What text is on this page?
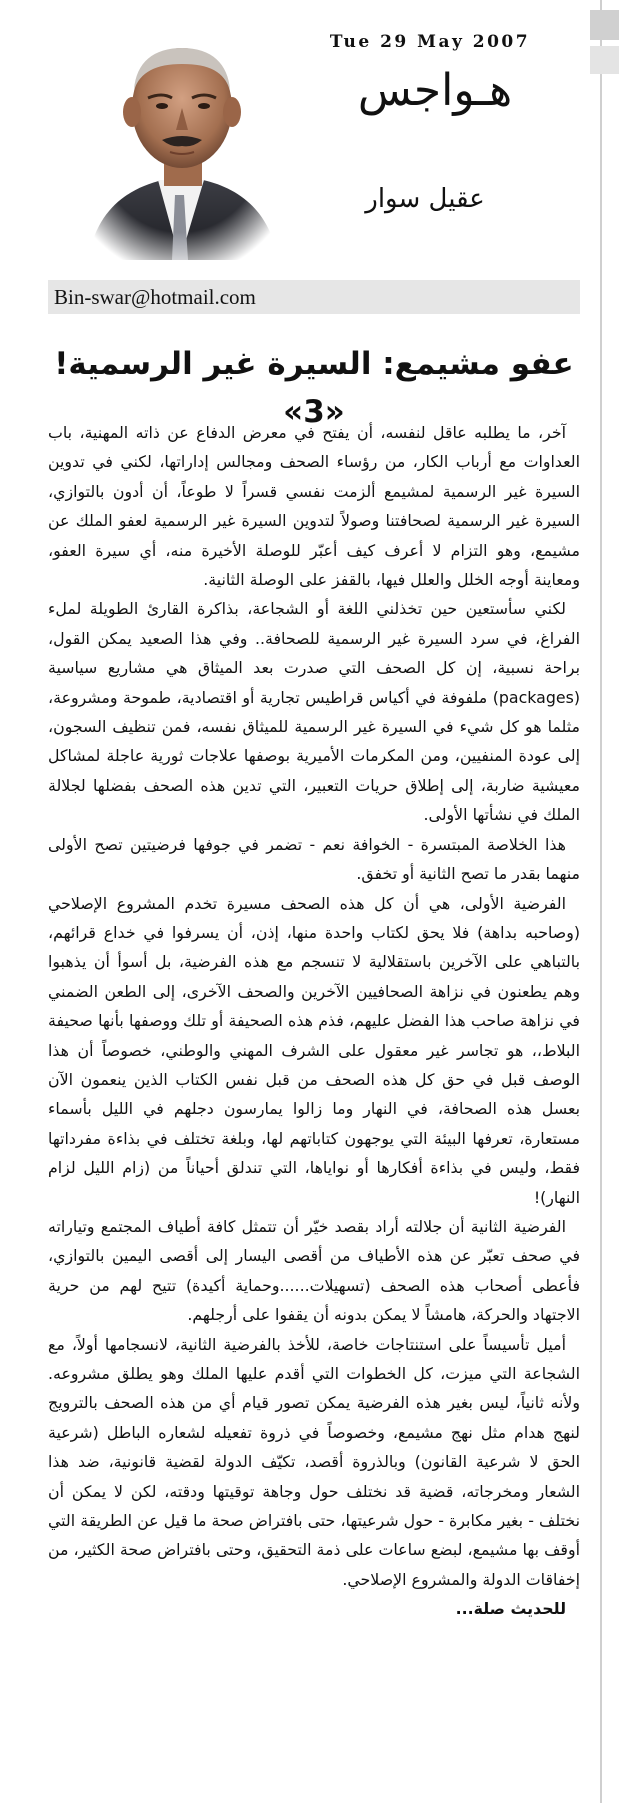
Tue 29 May 2007
هـواجس
عقيل سوار
Bin-swar@hotmail.com
عفو مشيمع: السيرة غير الرسمية! «3»

آخر، ما يطلبه عاقل لنفسه، أن يفتح في معرض الدفاع عن ذاته المهنية، باب العداوات مع أرباب الكار، من رؤساء الصحف ومجالس إداراتها، لكني في تدوين السيرة غير الرسمية لمشيمع ألزمت نفسي قسراً لا طوعاً، أن أدون بالتوازي، السيرة غير الرسمية لصحافتنا وصولاً لتدوين السيرة غير الرسمية لعفو الملك عن مشيمع، وهو التزام لا أعرف كيف أعبّر للوصلة الأخيرة منه، أي سيرة العفو، ومعاينة أوجه الخلل والعلل فيها، بالقفز على الوصلة الثانية.

لكني سأستعين حين تخذلني اللغة أو الشجاعة، بذاكرة القارئ الطويلة لملء الفراغ، في سرد السيرة غير الرسمية للصحافة.. وفي هذا الصعيد يمكن القول، براحة نسبية، إن كل الصحف التي صدرت بعد الميثاق هي مشاريع سياسية (packages) ملفوفة في أكياس قراطيس تجارية أو اقتصادية، طموحة ومشروعة، مثلما هو كل شيء في السيرة غير الرسمية للميثاق نفسه، فمن تنظيف السجون، إلى عودة المنفيين، ومن المكرمات الأميرية بوصفها علاجات ثورية عاجلة لمشاكل معيشية ضاربة، إلى إطلاق حريات التعبير، التي تدين هذه الصحف بفضلها لجلالة الملك في نشأتها الأولى.

هذا الخلاصة المبتسرة - الخوافة نعم - تضمر في جوفها فرضيتين تصح الأولى منهما بقدر ما تصح الثانية أو تخفق.

الفرضية الأولى، هي أن كل هذه الصحف مسيرة تخدم المشروع الإصلاحي (وصاحبه بداهة) فلا يحق لكتاب واحدة منها، إذن، أن يسرفوا في خداع قرائهم، بالتباهي على الآخرين باستقلالية لا تنسجم مع هذه الفرضية، بل أسوأ أن يذهبوا وهم يطعنون في نزاهة الصحافيين الآخرين والصحف الآخرى، إلى الطعن الضمني في نزاهة صاحب هذا الفضل عليهم، فذم هذه الصحيفة أو تلك ووصفها بأنها صحيفة البلاط،، هو تجاسر غير معقول على الشرف المهني والوطني، خصوصاً أن هذا الوصف قبل في حق كل هذه الصحف من قبل نفس الكتاب الذين ينعمون الآن بعسل هذه الصحافة، في النهار وما زالوا يمارسون دجلهم في الليل بأسماء مستعارة، تعرفها البيئة التي يوجهون كتاباتهم لها، وبلغة تختلف في بذاءة مفرداتها فقط، وليس في بذاءة أفكارها أو نواياها، التي تندلق أحياناً من (زام الليل لزام النهار)!

الفرضية الثانية أن جلالته أراد بقصد خيّر أن تتمثل كافة أطياف المجتمع وتياراته في صحف تعبّر عن هذه الأطياف من أقصى اليسار إلى أقصى اليمين بالتوازي، فأعطى أصحاب هذه الصحف (تسهيلات......وحماية أكيدة) تتيح لهم من حرية الاجتهاد والحركة، هامشاً لا يمكن بدونه أن يقفوا على أرجلهم.

أميل تأسيساً على استنتاجات خاصة، للأخذ بالفرضية الثانية، لانسجامها أولاً، مع الشجاعة التي ميزت، كل الخطوات التي أقدم عليها الملك وهو يطلق مشروعه. ولأنه ثانياً، ليس بغير هذه الفرضية يمكن تصور قيام أي من هذه الصحف بالترويج لنهج هدام مثل نهج مشيمع، وخصوصاً في ذروة تفعيله لشعاره الباطل (شرعية الحق لا شرعية القانون) وبالذروة أقصد، تكيّف الدولة لقضية قانونية، ضد هذا الشعار ومخرجاته، قضية قد نختلف حول وجاهة توقيتها ودقته، لكن لا يمكن أن نختلف - بغير مكابرة - حول شرعيتها، حتى بافتراض صحة ما قيل عن الطريقة التي أوقف بها مشيمع، لبضع ساعات على ذمة التحقيق، وحتى بافتراض صحة الكثير، من إخفاقات الدولة والمشروع الإصلاحي.

للحديث صلة...
